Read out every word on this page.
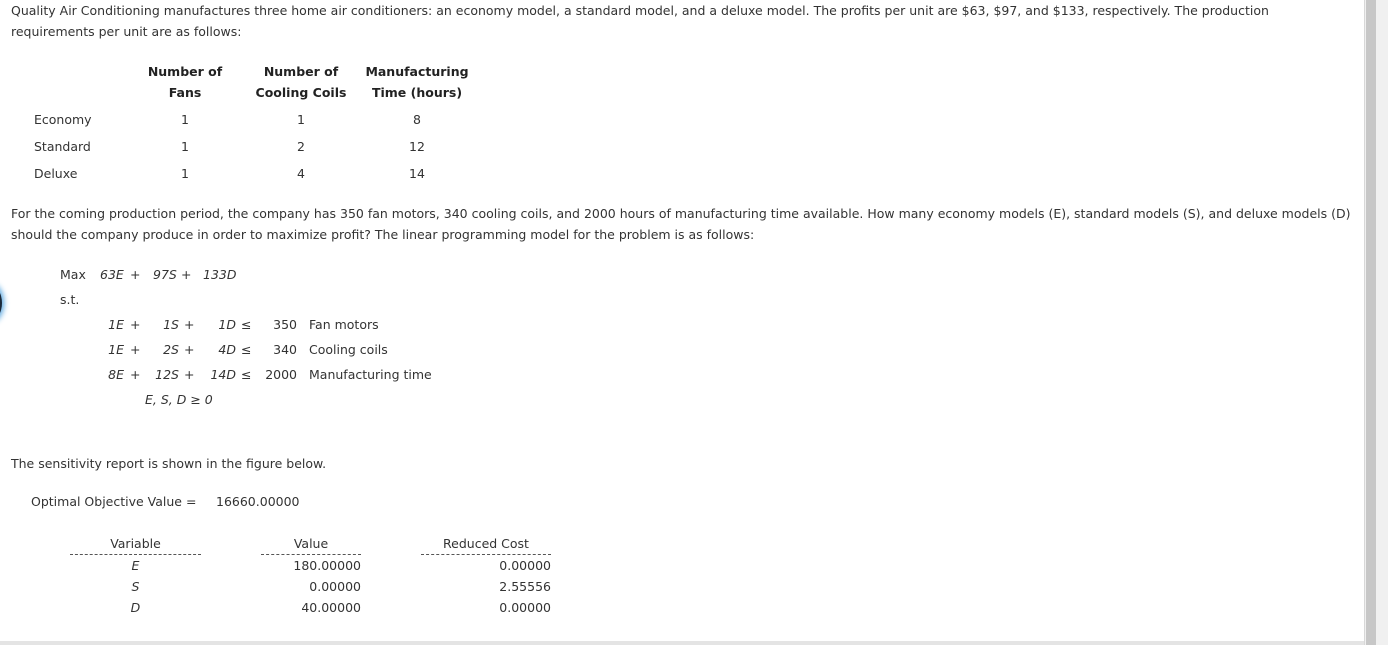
Quality Air Conditioning manufactures three home air conditioners: an economy model, a standard model, and a deluxe model. The profits per unit are $63, $97, and $133, respectively. The production requirements per unit are as follows:

Number of
Fans
Number of
Cooling Coils
Manufacturing
Time (hours)
Economy	1	1	8
Standard	1	2	12
Deluxe	1	4	14

For the coming production period, the company has 350 fan motors, 340 cooling coils, and 2000 hours of manufacturing time available. How many economy models (E), standard models (S), and deluxe models (D) should the company produce in order to maximize profit? The linear programming model for the problem is as follows:

Max 63E + 97S + 133D
s.t.
1E +	1S +	1D ≤	350 Fan motors
1E +	2S +	4D ≤	340 Cooling coils
8E + 12S +	14D ≤ 2000 Manufacturing time
E, S, D ≥ 0
The sensitivity report is shown in the figure below.
Optimal Objective Value = 16660.00000
Variable	Value	Reduced Cost
E	180.00000	0.00000
S	0.00000	2.55556
D	40.00000	0.00000
